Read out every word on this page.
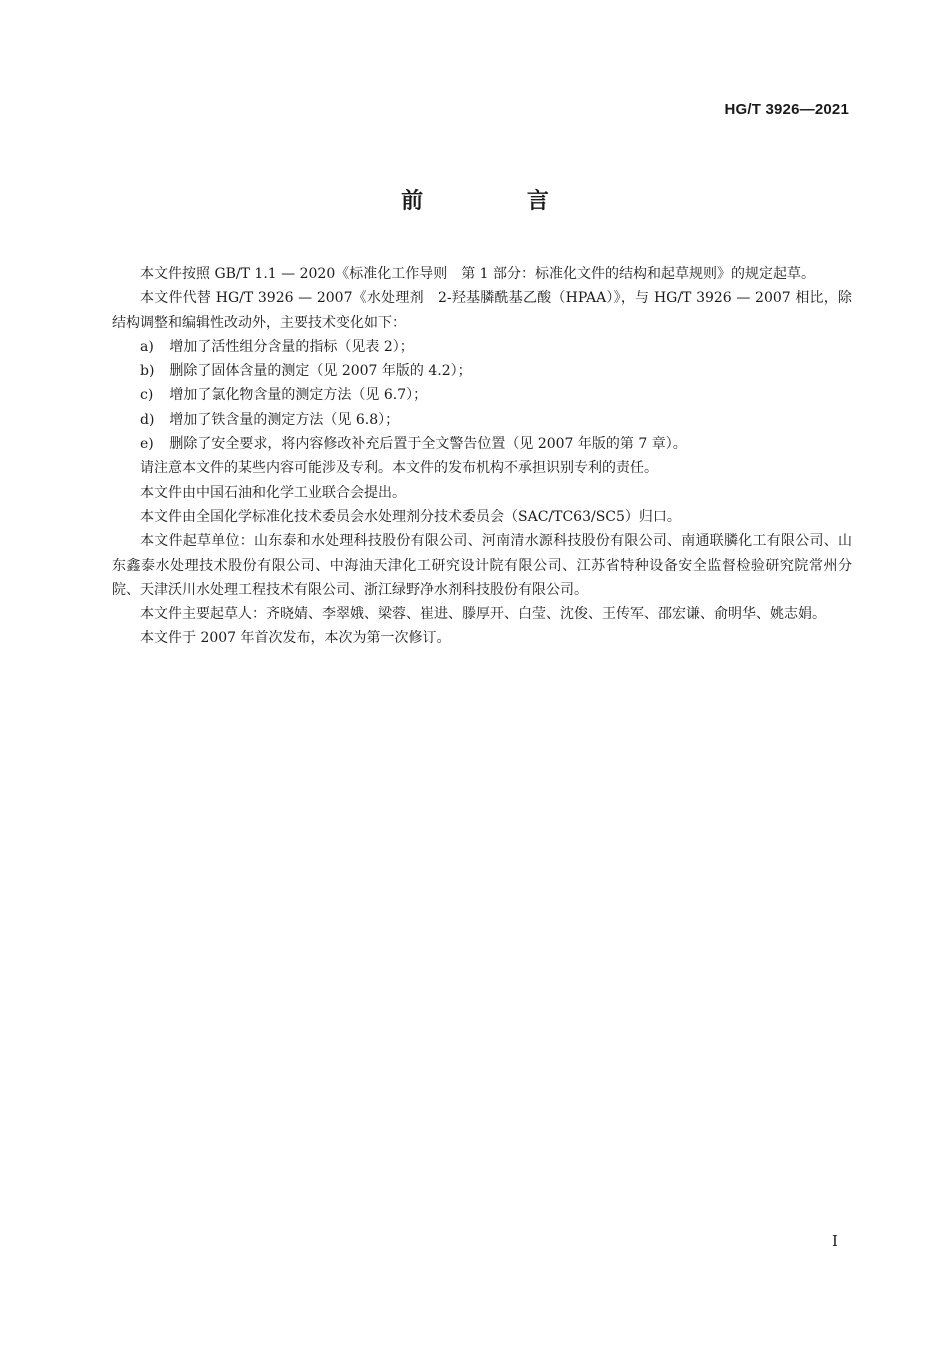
HG/T 3926—2021
前 言

本文件按照 GB/T 1.1 — 2020《标准化工作导则　第 1 部分：标准化文件的结构和起草规则》的规定起草。

本文件代替 HG/T 3926 — 2007《水处理剂　2-羟基膦酰基乙酸（HPAA）》，与 HG/T 3926 — 2007 相比，除结构调整和编辑性改动外，主要技术变化如下：

a) 增加了活性组分含量的指标（见表 2）；
b) 删除了固体含量的测定（见 2007 年版的 4.2）；
c) 增加了氯化物含量的测定方法（见 6.7）；
d) 增加了铁含量的测定方法（见 6.8）；
e) 删除了安全要求，将内容修改补充后置于全文警告位置（见 2007 年版的第 7 章）。

请注意本文件的某些内容可能涉及专利。本文件的发布机构不承担识别专利的责任。

本文件由中国石油和化学工业联合会提出。

本文件由全国化学标准化技术委员会水处理剂分技术委员会（SAC/TC63/SC5）归口。

本文件起草单位：山东泰和水处理科技股份有限公司、河南清水源科技股份有限公司、南通联膦化工有限公司、山东鑫泰水处理技术股份有限公司、中海油天津化工研究设计院有限公司、江苏省特种设备安全监督检验研究院常州分院、天津沃川水处理工程技术有限公司、浙江绿野净水剂科技股份有限公司。

本文件主要起草人：齐晓婧、李翠娥、梁蓉、崔进、滕厚开、白莹、沈俊、王传军、邵宏谦、俞明华、姚志娟。

本文件于 2007 年首次发布，本次为第一次修订。

I
